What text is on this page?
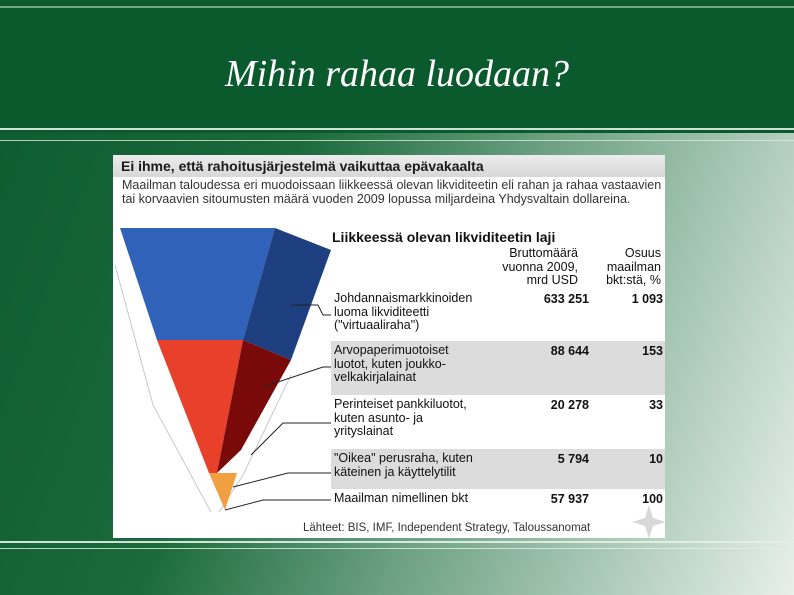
Mihin rahaa luodaan?
Ei ihme, että rahoitusjärjestelmä vaikuttaa epävakaalta
Maailman taloudessa eri muodoissaan liikkeessä olevan likviditeetin eli rahan ja rahaa vastaavien tai korvaavien sitoumusten määrä vuoden 2009 lopussa miljardeina Yhdysvaltain dollareina.
Liikkeessä olevan likviditeetin laji
Bruttomäärä
vuonna 2009,
mrd USD
Osuus
maailman
bkt:stä, %
Johdannaismarkkinoiden
luoma likviditeetti
("virtuaaliraha")
633 251	1 093
Arvopaperimuotoiset
luotot, kuten joukko-
velkakirjalainat
88 644	153
Perinteiset pankkiluotot,
kuten asunto- ja
yrityslainat
20 278	33
"Oikea" perusraha, kuten
käteinen ja käyttelytilit
5 794	10
Maailman nimellinen bkt	57 937	100
Lähteet: BIS, IMF, Independent Strategy, Taloussanomat
